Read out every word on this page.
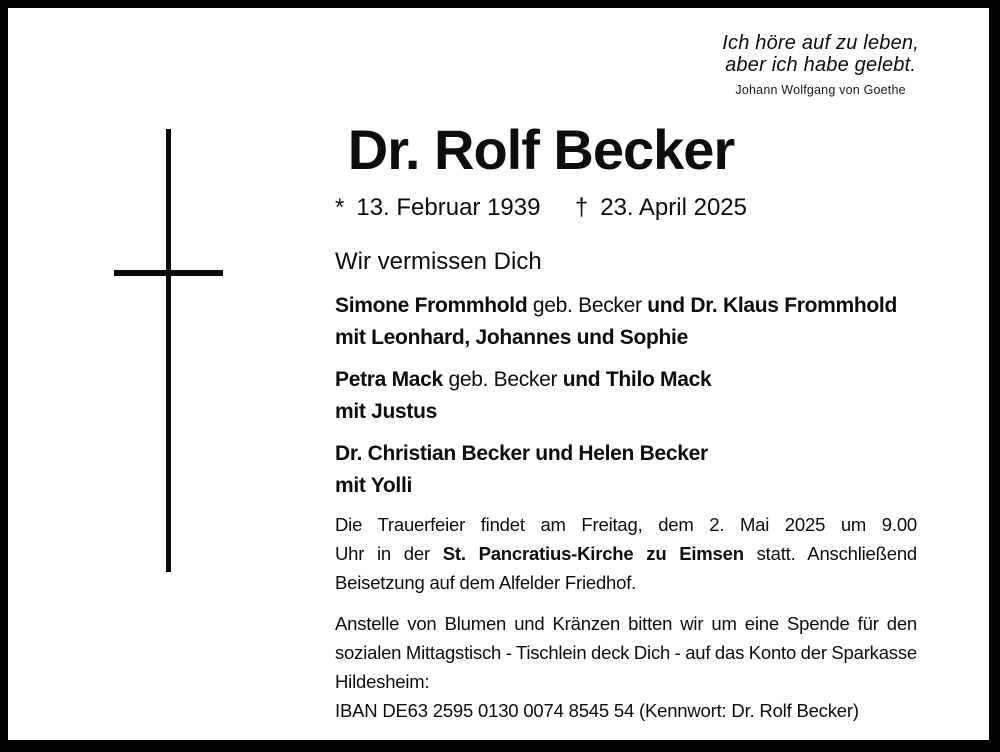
Ich höre auf zu leben,
aber ich habe gelebt.
Johann Wolfgang von Goethe
Dr. Rolf Becker
* 13. Februar 1939 † 23. April 2025
Wir vermissen Dich
Simone Frommhold geb. Becker und Dr. Klaus Frommhold
mit Leonhard, Johannes und Sophie
Petra Mack geb. Becker und Thilo Mack
mit Justus
Dr. Christian Becker und Helen Becker
mit Yolli
Die Trauerfeier findet am Freitag, dem 2. Mai 2025 um 9.00
Uhr in der St. Pancratius-Kirche zu Eimsen statt. Anschließend
Beisetzung auf dem Alfelder Friedhof.
Anstelle von Blumen und Kränzen bitten wir um eine Spende für den
sozialen Mittagstisch - Tischlein deck Dich - auf das Konto der Sparkasse
Hildesheim:
IBAN DE63 2595 0130 0074 8545 54 (Kennwort: Dr. Rolf Becker)
